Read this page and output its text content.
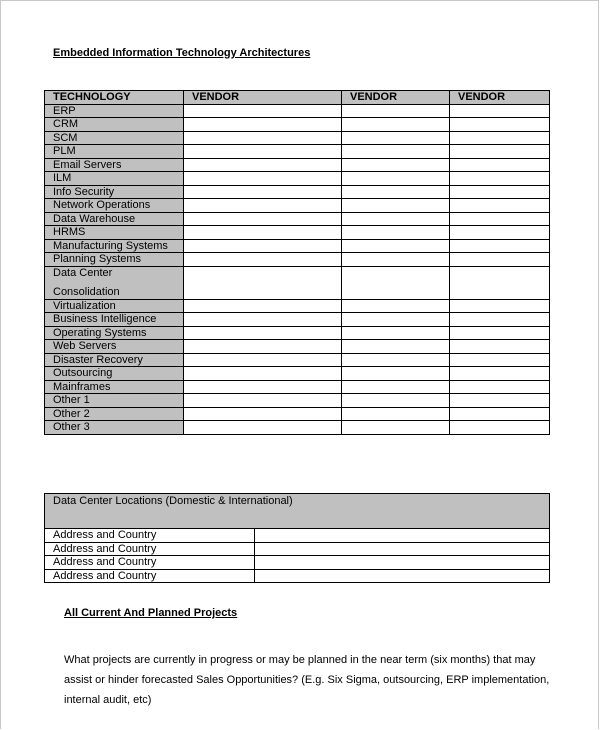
Embedded Information Technology Architectures
TECHNOLOGY	VENDOR	VENDOR	VENDOR
ERP			
CRM			
SCM			
PLM			
Email Servers			
ILM			
Info Security			
Network Operations			
Data Warehouse			
HRMS			
Manufacturing Systems			
Planning Systems			

Data Center
Consolidation			

Virtualization			
Business Intelligence			
Operating Systems			
Web Servers			
Disaster Recovery			
Outsourcing			
Mainframes			
Other 1			
Other 2			
Other 3			
Data Center Locations (Domestic & International)	
Address and Country	
Address and Country	
Address and Country	
Address and Country	
All Current And Planned Projects
What projects are currently in progress or may be planned in the near term (six months) that may
assist or hinder forecasted Sales Opportunities? (E.g. Six Sigma, outsourcing, ERP implementation,
internal audit, etc)
